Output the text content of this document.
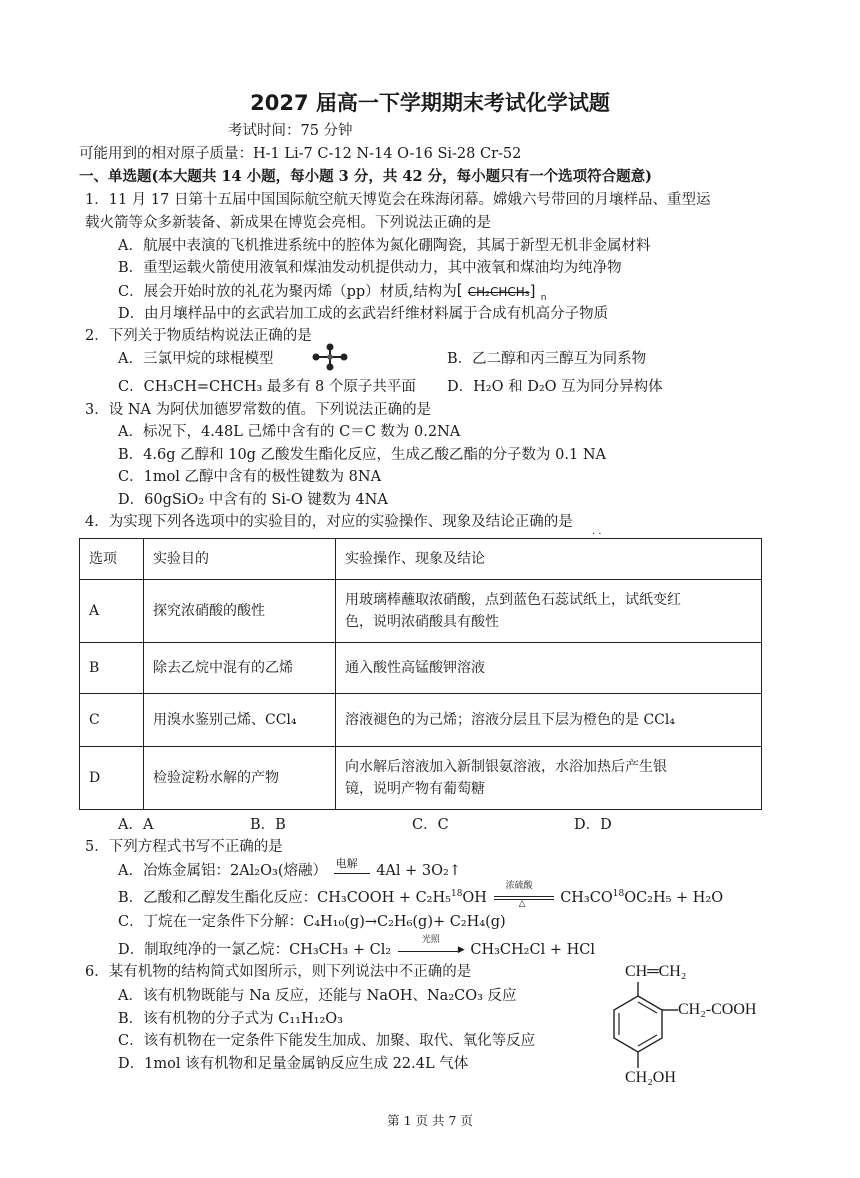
2027 届高一下学期期末考试化学试题
考试时间：75 分钟
可能用到的相对原子质量：H-1 Li-7 C-12 N-14 O-16 Si-28 Cr-52
一、单选题(本大题共 14 小题，每小题 3 分，共 42 分，每小题只有一个选项符合题意)
1．11 月 17 日第十五届中国国际航空航天博览会在珠海闭幕。嫦娥六号带回的月壤样品、重型运
载火箭等众多新装备、新成果在博览会亮相。下列说法正确的是
A．航展中表演的飞机推进系统中的腔体为氮化硼陶瓷，其属于新型无机非金属材料
B．重型运载火箭使用液氧和煤油发动机提供动力，其中液氧和煤油均为纯净物
C．展会开始时放的礼花为聚丙烯（pp）材质,结构为 [ CH₂CHCH₃] n
D．由月壤样品中的玄武岩加工成的玄武岩纤维材料属于合成有机高分子物质
2．下列关于物质结构说法正确的是
A．三氯甲烷的球棍模型	B．乙二醇和丙三醇互为同系物
C．CH₃CH=CHCH₃ 最多有 8 个原子共平面 D．H₂O 和 D₂O 互为同分异构体
3．设 NA 为阿伏加德罗常数的值。下列说法正确的是
A．标况下，4.48L 己烯中含有的 C＝C 数为 0.2NA
B．4.6g 乙醇和 10g 乙酸发生酯化反应，生成乙酸乙酯的分子数为 0.1 NA
C．1mol 乙醇中含有的极性键数为 8NA
D．60gSiO₂ 中含有的 Si-O 键数为 4NA
4．为实现下列各选项中的实验目的，对应的实验操作、现象及结论正确的是
· ·
选项	实验目的	实验操作、现象及结论
A	探究浓硝酸的酸性	用玻璃棒蘸取浓硝酸，点到蓝色石蕊试纸上，试纸变红
色，说明浓硝酸具有酸性

B	除去乙烷中混有的乙烯	通入酸性高锰酸钾溶液
C	用溴水鉴别己烯、CCl₄	溶液褪色的为己烯；溶液分层且下层为橙色的是 CCl₄
D	检验淀粉水解的产物	向水解后溶液加入新制银氨溶液，水浴加热后产生银
镜，说明产物有葡萄糖
A．A	B．B	C．C	D．D
5．下列方程式书写不正确的是
A．冶炼金属铝：2Al₂O₃(熔融） 电解 4Al + 3O₂↑
B．乙酸和乙醇发生酯化反应：CH₃COOH + C₂H₅$^{18}$OH
浓硫酸
△ $CH_3CO^{18}OC_2H_5 + H_2O$
C．丁烷在一定条件下分解：C₄H₁₀(g)→C₂H₆(g)+ C₂H₄(g)
D．制取纯净的一氯乙烷：CH₃CH₃ + Cl₂
光照
▶ CH₃CH₂Cl + HCl
6．某有机物的结构简式如图所示，则下列说法中不正确的是
A．该有机物既能与 Na 反应，还能与 NaOH、Na₂CO₃ 反应
B．该有机物的分子式为 C₁₁H₁₂O₃
C．该有机物在一定条件下能发生加成、加聚、取代、氧化等反应
D．1mol 该有机物和足量金属钠反应生成 22.4L 气体
CH═CH₂
CH₂-COOH
CH₂OH
第 1 页 共 7 页
